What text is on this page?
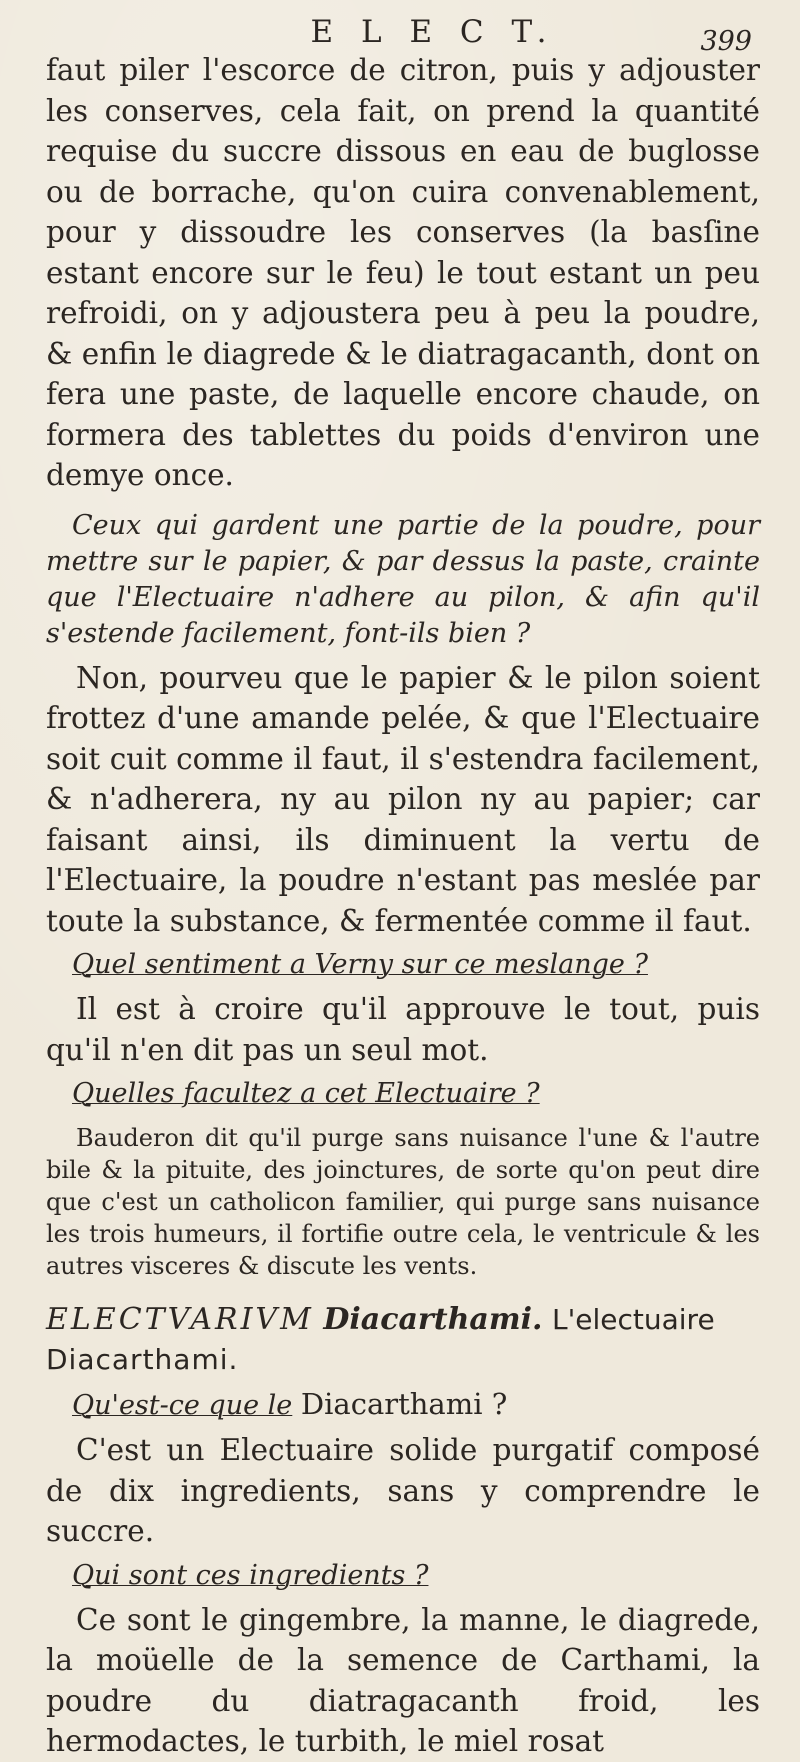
E L E C T.	399

faut piler l'escorce de citron, puis y adjouster les conserves, cela fait, on prend la quantité requise du succre dissous en eau de buglosse ou de borrache, qu'on cuira convenablement, pour y dissoudre les conserves (la basſine estant encore sur le feu) le tout estant un peu refroidi, on y adjoustera peu à peu la poudre, & enfin le diagrede & le diatragacanth, dont on fera une paste, de laquelle encore chaude, on formera des tablettes du poids d'environ une demye once.

Ceux qui gardent une partie de la poudre, pour mettre sur le papier, & par dessus la paste, crainte que l'Electuaire n'adhere au pilon, & afin qu'il s'estende facilement, font-ils bien ?

Non, pourveu que le papier & le pilon soient frottez d'une amande pelée, & que l'Electuaire soit cuit comme il faut, il s'estendra facilement, & n'adherera, ny au pilon ny au papier; car faisant ainsi, ils diminuent la vertu de l'Electuaire, la poudre n'estant pas meslée par toute la substance, & fermentée comme il faut.

Quel sentiment a Verny sur ce meslange ?

Il est à croire qu'il approuve le tout, puis qu'il n'en dit pas un seul mot.

Quelles facultez a cet Electuaire ?

Bauderon dit qu'il purge sans nuisance l'une & l'autre bile & la pituite, des joinctures, de sorte qu'on peut dire que c'est un catholicon familier, qui purge sans nuisance les trois humeurs, il fortifie outre cela, le ventricule & les autres visceres & discute les vents.

ELECTVARIVM Diacarthami. L'electuaire
Diacarthami.

Qu'est-ce que le Diacarthami ?

C'est un Electuaire solide purgatif composé de dix ingredients, sans y comprendre le succre.

Qui sont ces ingredients ?

Ce sont le gingembre, la manne, le diagrede, la moüelle de la semence de Carthami, la poudre du diatragacanth froid, les hermodactes, le turbith, le miel rosat
